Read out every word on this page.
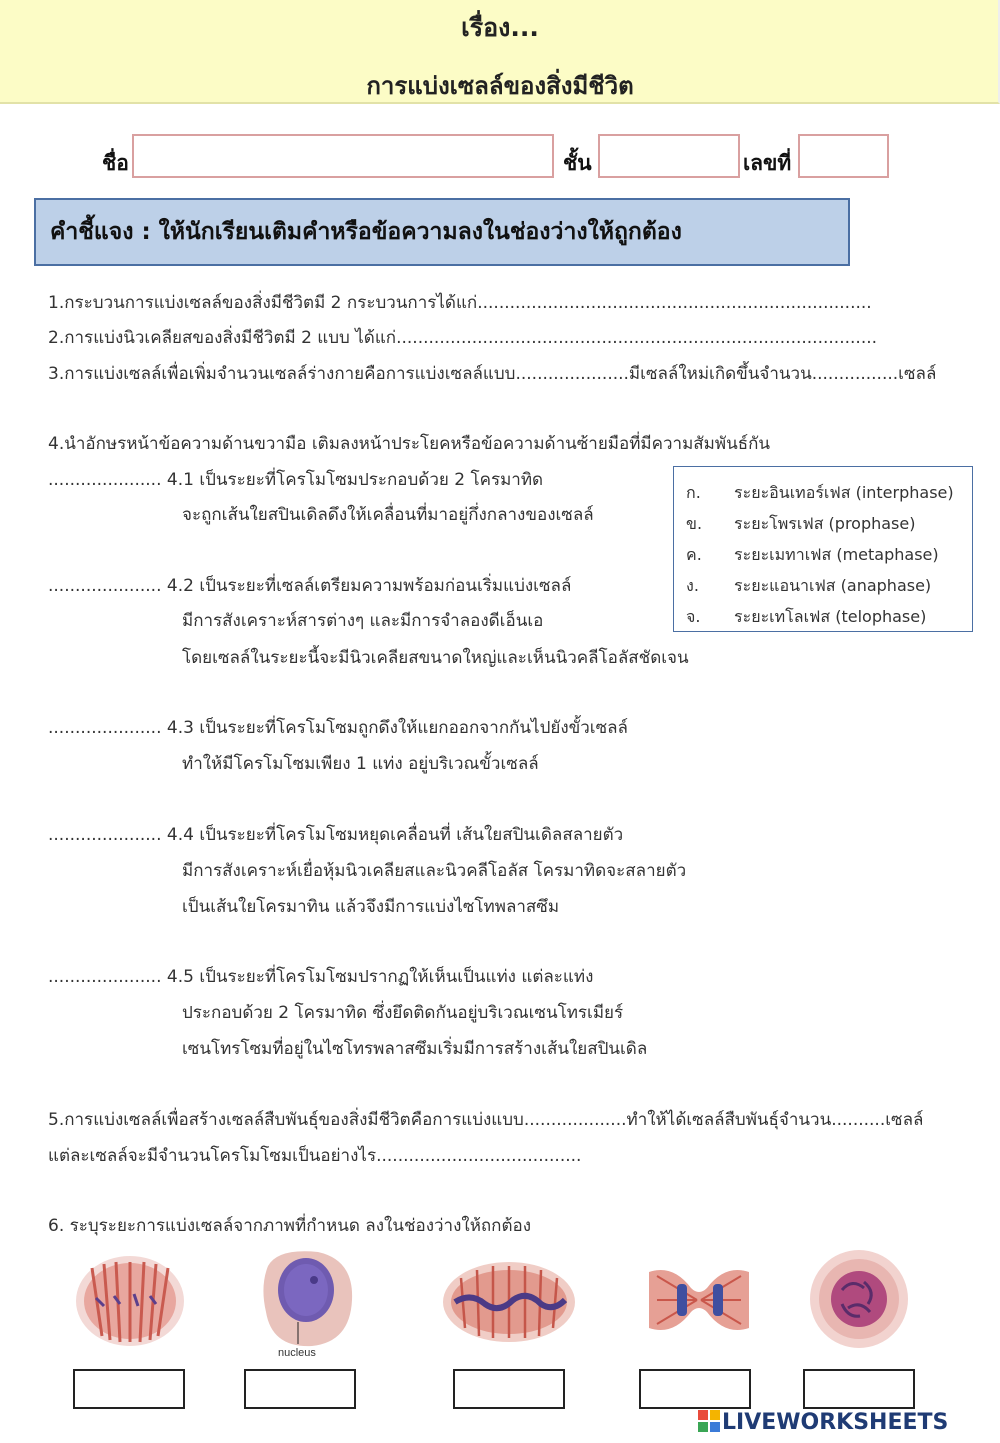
เรื่อง...
การแบ่งเซลล์ของสิ่งมีชีวิต
ชื่อ	ชั้น	เลขที่
คำชี้แจง : ให้นักเรียนเติมคำหรือข้อความลงในช่องว่างให้ถูกต้อง
1.กระบวนการแบ่งเซลล์ของสิ่งมีชีวิตมี 2 กระบวนการได้แก่.........................................................................
2.การแบ่งนิวเคลียสของสิ่งมีชีวิตมี 2 แบบ ได้แก่.........................................................................................
3.การแบ่งเซลล์เพื่อเพิ่มจำนวนเซลล์ร่างกายคือการแบ่งเซลล์แบบ.....................มีเซลล์ใหม่เกิดขึ้นจำนวน................เซลล์
4.นำอักษรหน้าข้อความด้านขวามือ เติมลงหน้าประโยคหรือข้อความด้านซ้ายมือที่มีความสัมพันธ์กัน
..................... 4.1 เป็นระยะที่โครโมโซมประกอบด้วย 2 โครมาทิด
จะถูกเส้นใยสปินเดิลดึงให้เคลื่อนที่มาอยู่กึ่งกลางของเซลล์
..................... 4.2 เป็นระยะที่เซลล์เตรียมความพร้อมก่อนเริ่มแบ่งเซลล์
มีการสังเคราะห์สารต่างๆ และมีการจำลองดีเอ็นเอ
โดยเซลล์ในระยะนี้จะมีนิวเคลียสขนาดใหญ่และเห็นนิวคลีโอลัสชัดเจน
..................... 4.3 เป็นระยะที่โครโมโซมถูกดึงให้แยกออกจากกันไปยังขั้วเซลล์
ทำให้มีโครโมโซมเพียง 1 แท่ง อยู่บริเวณขั้วเซลล์
..................... 4.4 เป็นระยะที่โครโมโซมหยุดเคลื่อนที่ เส้นใยสปินเดิลสลายตัว
มีการสังเคราะห์เยื่อหุ้มนิวเคลียสและนิวคลีโอลัส โครมาทิดจะสลายตัว
เป็นเส้นใยโครมาทิน แล้วจึงมีการแบ่งไซโทพลาสซึม
..................... 4.5 เป็นระยะที่โครโมโซมปรากฏให้เห็นเป็นแท่ง แต่ละแท่ง
ประกอบด้วย 2 โครมาทิด ซึ่งยึดติดกันอยู่บริเวณเซนโทรเมียร์
เซนโทรโซมที่อยู่ในไซโทรพลาสซึมเริ่มมีการสร้างเส้นใยสปินเดิล
ก. ระยะอินเทอร์เฟส (interphase)
ข. ระยะโพรเฟส (prophase)
ค. ระยะเมทาเฟส (metaphase)
ง. ระยะแอนาเฟส (anaphase)
จ. ระยะเทโลเฟส (telophase)
5.การแบ่งเซลล์เพื่อสร้างเซลล์สืบพันธุ์ของสิ่งมีชีวิตคือการแบ่งแบบ...................ทำให้ได้เซลล์สืบพันธุ์จำนวน..........เซลล์
แต่ละเซลล์จะมีจำนวนโครโมโซมเป็นอย่างไร......................................
6. ระบุระยะการแบ่งเซลล์จากภาพที่กำหนด ลงในช่องว่างให้ถกต้อง
nucleus
LIVEWORKSHEETS
